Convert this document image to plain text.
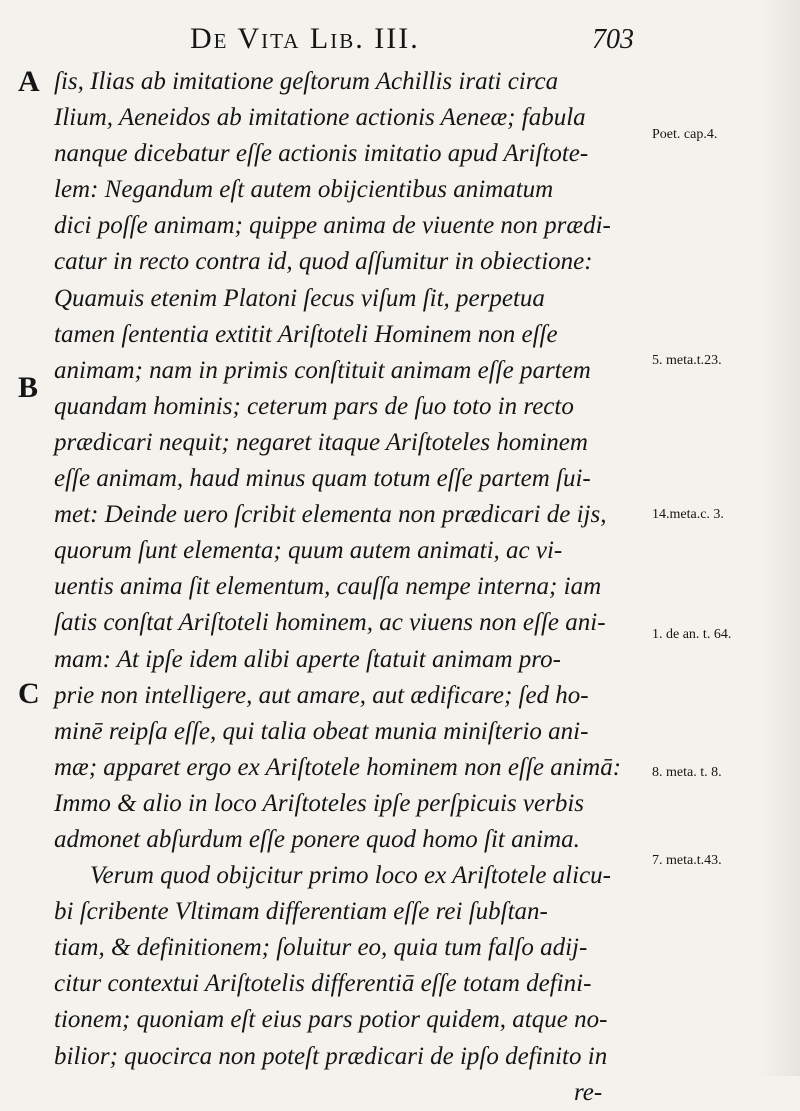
De Vita Lib. III.	703
A
B
C
ſis, Ilias ab imitatione geſtorum Achillis irati circa
Ilium, Aeneidos ab imitatione actionis Aeneæ; fabula
nanque dicebatur eſſe actionis imitatio apud Ariſtote-
lem: Negandum eſt autem obijcientibus animatum
dici poſſe animam; quippe anima de viuente non prædi-
catur in recto contra id, quod aſſumitur in obiectione:
Quamuis etenim Platoni ſecus viſum ſit, perpetua
tamen ſententia extitit Ariſtoteli Hominem non eſſe
animam; nam in primis conſtituit animam eſſe partem
quandam hominis; ceterum pars de ſuo toto in recto
prædicari nequit; negaret itaque Ariſtoteles hominem
eſſe animam, haud minus quam totum eſſe partem ſui-
met: Deinde uero ſcribit elementa non prædicari de ijs,
quorum ſunt elementa; quum autem animati, ac vi-
uentis anima ſit elementum, cauſſa nempe interna; iam
ſatis conſtat Ariſtoteli hominem, ac viuens non eſſe ani-
mam: At ipſe idem alibi aperte ſtatuit animam pro-
prie non intelligere, aut amare, aut ædificare; ſed ho-
minē reipſa eſſe, qui talia obeat munia miniſterio ani-
mæ; apparet ergo ex Ariſtotele hominem non eſſe animā:
Immo & alio in loco Ariſtoteles ipſe perſpicuis verbis
admonet abſurdum eſſe ponere quod homo ſit anima.
Verum quod obijcitur primo loco ex Ariſtotele alicu-
bi ſcribente Vltimam differentiam eſſe rei ſubſtan-
tiam, & definitionem; ſoluitur eo, quia tum falſo adij-
citur contextui Ariſtotelis differentiā eſſe totam defini-
tionem; quoniam eſt eius pars potior quidem, atque no-
bilior; quocirca non poteſt prædicari de ipſo definito in
re-
Poet. cap.4.
5. meta.t.23.
14.meta.c. 3.
1. de an. t. 64.
8. meta. t. 8.
7. meta.t.43.
